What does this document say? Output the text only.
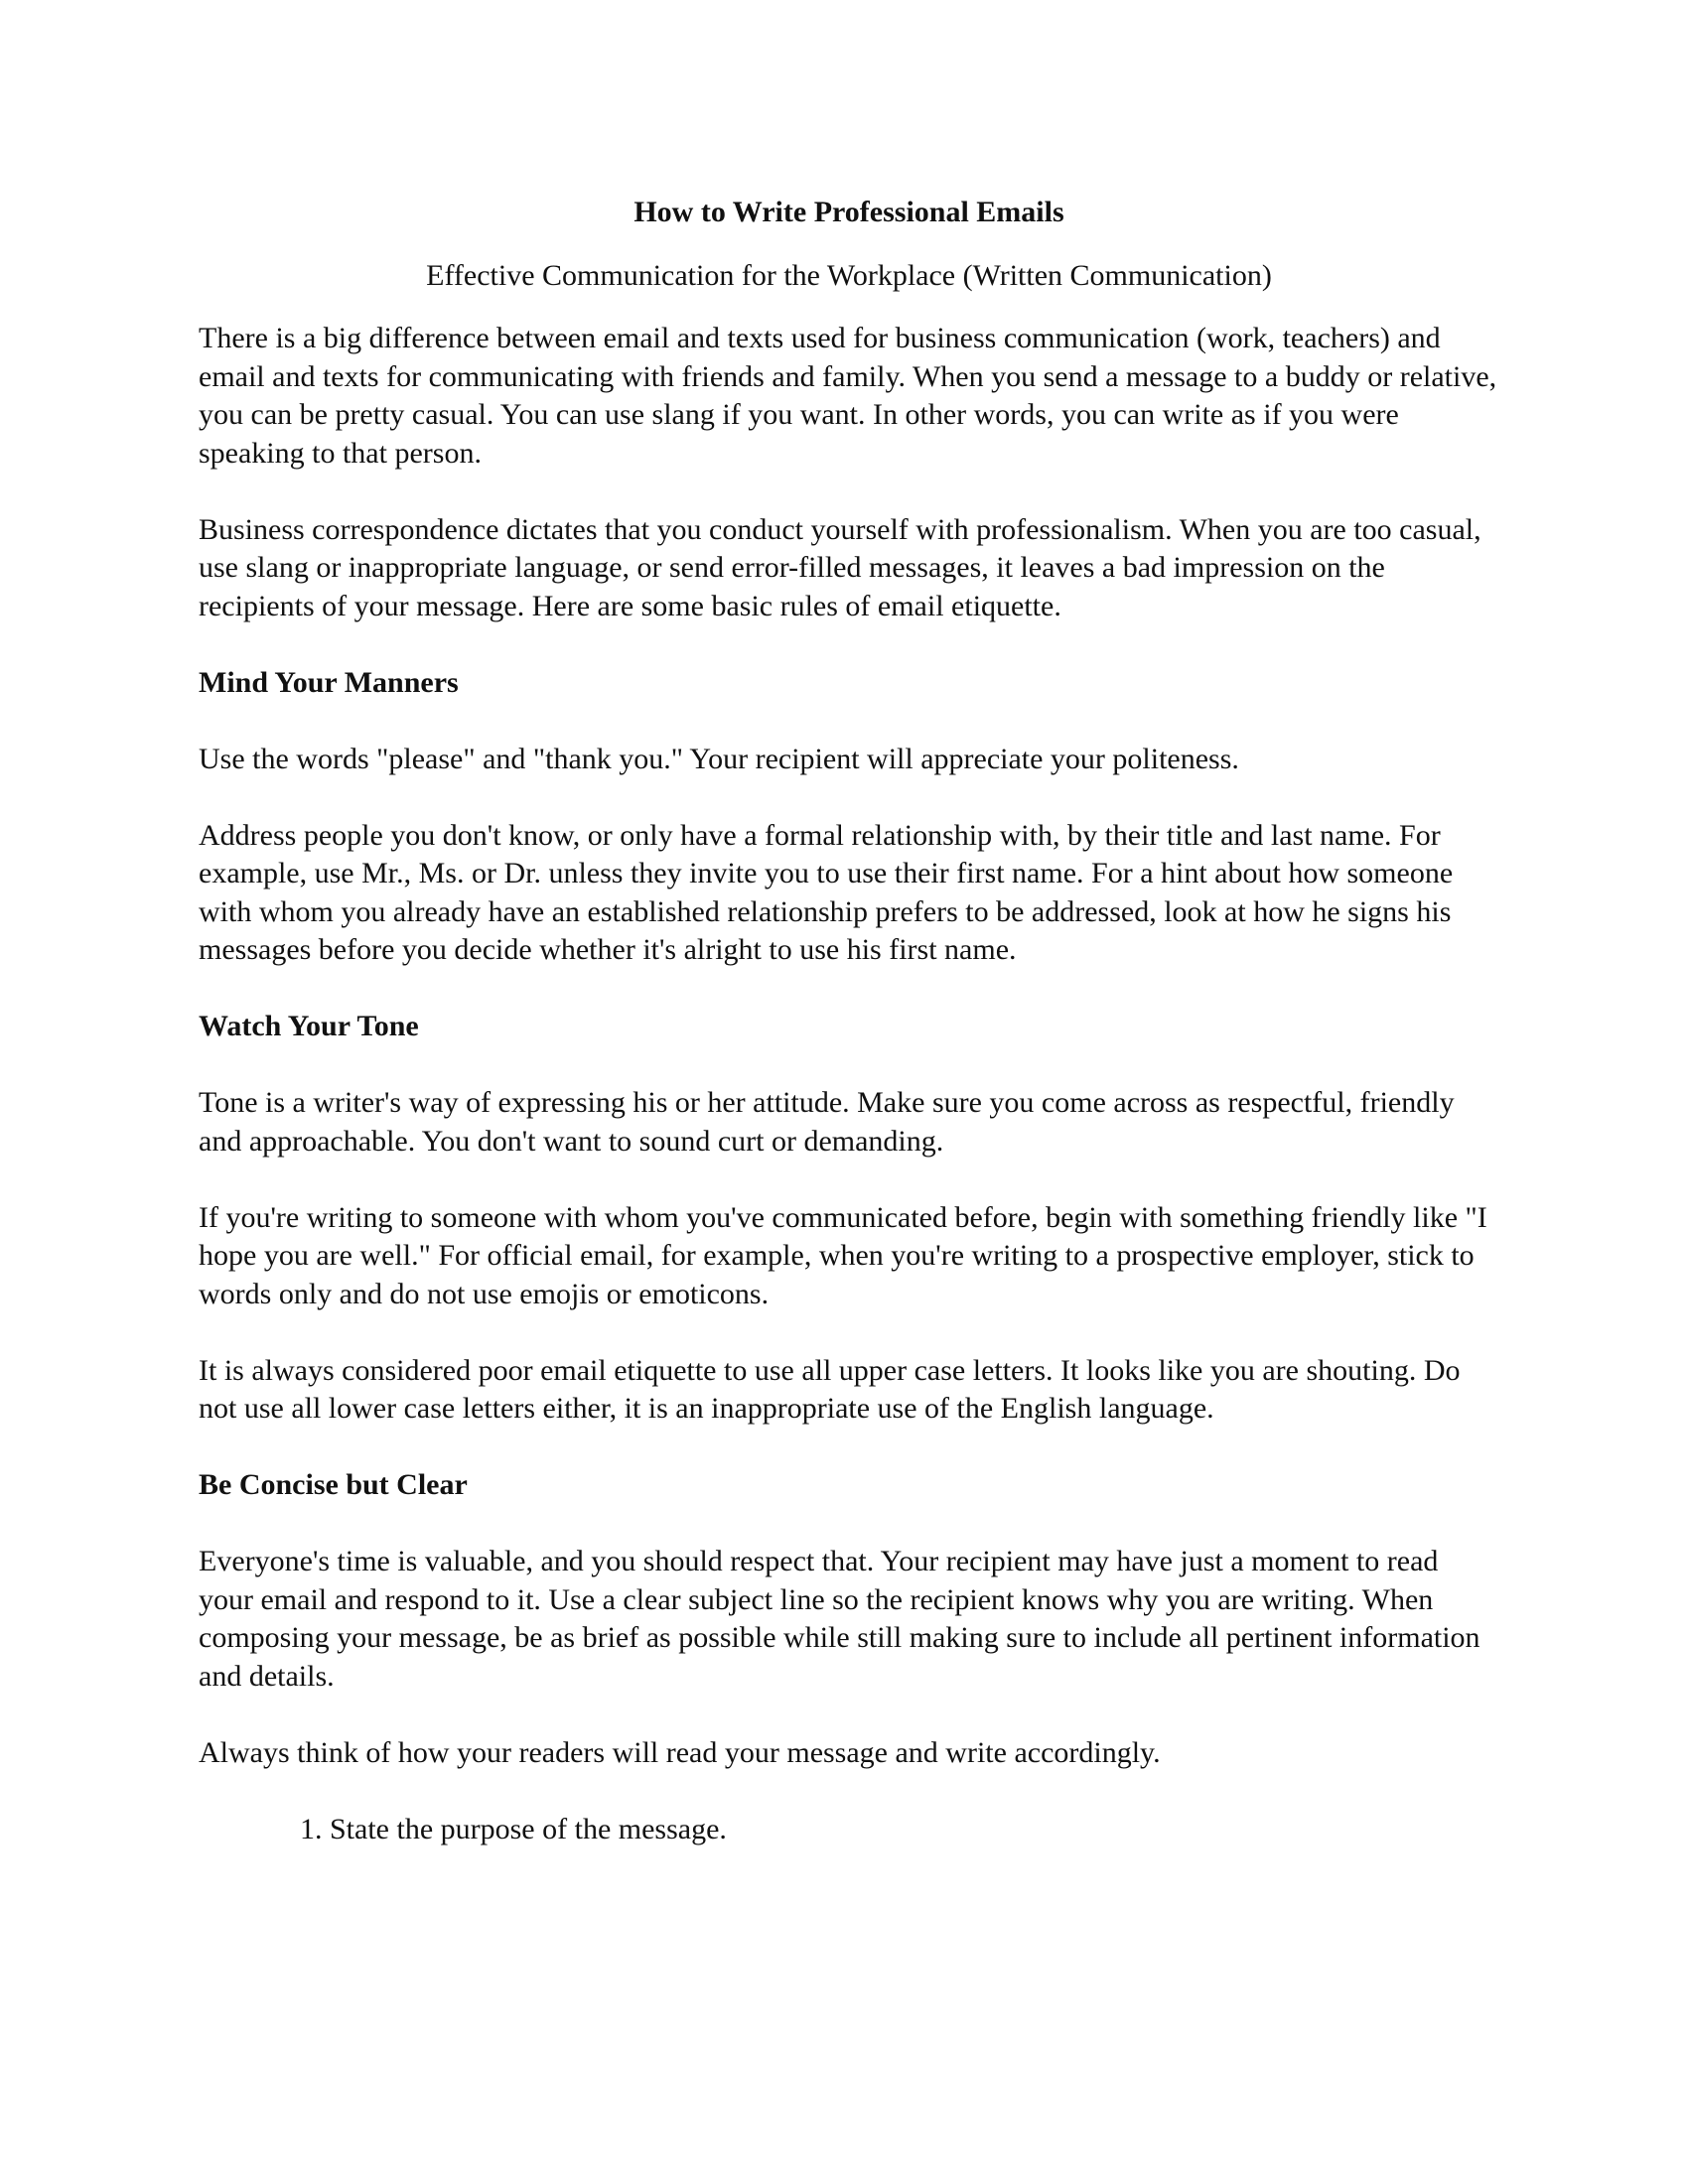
How to Write Professional Emails
Effective Communication for the Workplace (Written Communication)

There is a big difference between email and texts used for business communication (work, teachers) and email and texts for communicating with friends and family. When you send a message to a buddy or relative, you can be pretty casual. You can use slang if you want. In other words, you can write as if you were speaking to that person.

Business correspondence dictates that you conduct yourself with professionalism. When you are too casual, use slang or inappropriate language, or send error-filled messages, it leaves a bad impression on the recipients of your message. Here are some basic rules of email etiquette.

Mind Your Manners

Use the words "please" and "thank you." Your recipient will appreciate your politeness.

Address people you don't know, or only have a formal relationship with, by their title and last name. For example, use Mr., Ms. or Dr. unless they invite you to use their first name. For a hint about how someone with whom you already have an established relationship prefers to be addressed, look at how he signs his messages before you decide whether it's alright to use his first name.

Watch Your Tone

Tone is a writer's way of expressing his or her attitude. Make sure you come across as respectful, friendly and approachable. You don't want to sound curt or demanding.

If you're writing to someone with whom you've communicated before, begin with something friendly like "I hope you are well." For official email, for example, when you're writing to a prospective employer, stick to words only and do not use emojis or emoticons.

It is always considered poor email etiquette to use all upper case letters. It looks like you are shouting. Do not use all lower case letters either, it is an inappropriate use of the English language.

Be Concise but Clear

Everyone's time is valuable, and you should respect that. Your recipient may have just a moment to read your email and respond to it. Use a clear subject line so the recipient knows why you are writing. When composing your message, be as brief as possible while still making sure to include all pertinent information and details.

Always think of how your readers will read your message and write accordingly.

1. State the purpose of the message.
